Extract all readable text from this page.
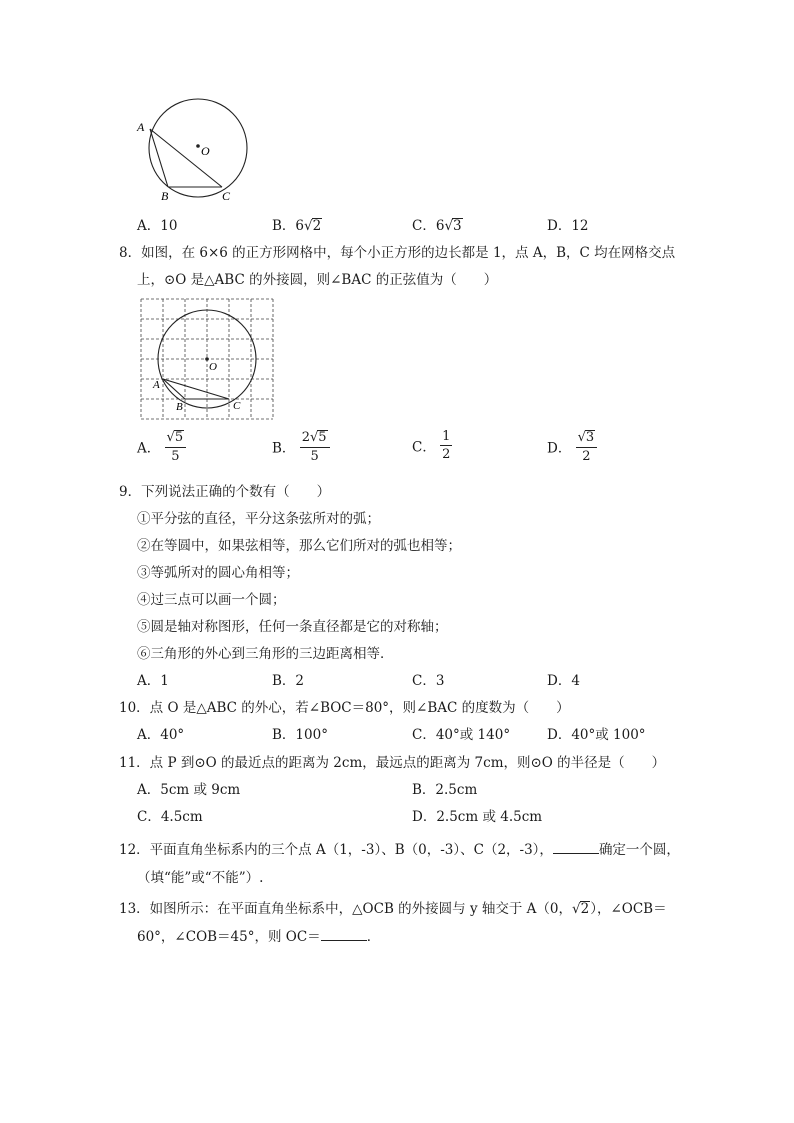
A
O
B	C
A．10	B．6√2	C．6√3	D．12
8．如图，在 6×6 的正方形网格中，每个小正方形的边长都是 1，点 A，B，C 均在网格交点
上，⊙O 是△ABC 的外接圆，则∠BAC 的正弦值为（　　）
O
A
B	C
A． $\frac{√5}{5}$	B． $\frac{2√5}{5}$	C． $\frac{1}{2}$	D． $\frac{√3}{2}$
9．下列说法正确的个数有（　　）
①平分弦的直径，平分这条弦所对的弧；
②在等圆中，如果弦相等，那么它们所对的弧也相等；
③等弧所对的圆心角相等；
④过三点可以画一个圆；
⑤圆是轴对称图形，任何一条直径都是它的对称轴；
⑥三角形的外心到三角形的三边距离相等．
A．1	B．2	C．3	D．4
10．点 O 是△ABC 的外心，若∠BOC＝80°，则∠BAC 的度数为（　　）
A．40°	B．100°	C．40°或 140°	D．40°或 100°
11．点 P 到⊙O 的最近点的距离为 2cm，最远点的距离为 7cm，则⊙O 的半径是（　　）
A．5cm 或 9cm	B．2.5cm
C．4.5cm	D．2.5cm 或 4.5cm
12．平面直角坐标系内的三个点 A（1，-3）、B（0，-3）、C（2，-3），	确定一个圆，
（填“能”或“不能”）.
13．如图所示：在平面直角坐标系中，△OCB 的外接圆与 y 轴交于 A（0，√2），∠OCB＝
60°，∠COB＝45°，则 OC＝	．
